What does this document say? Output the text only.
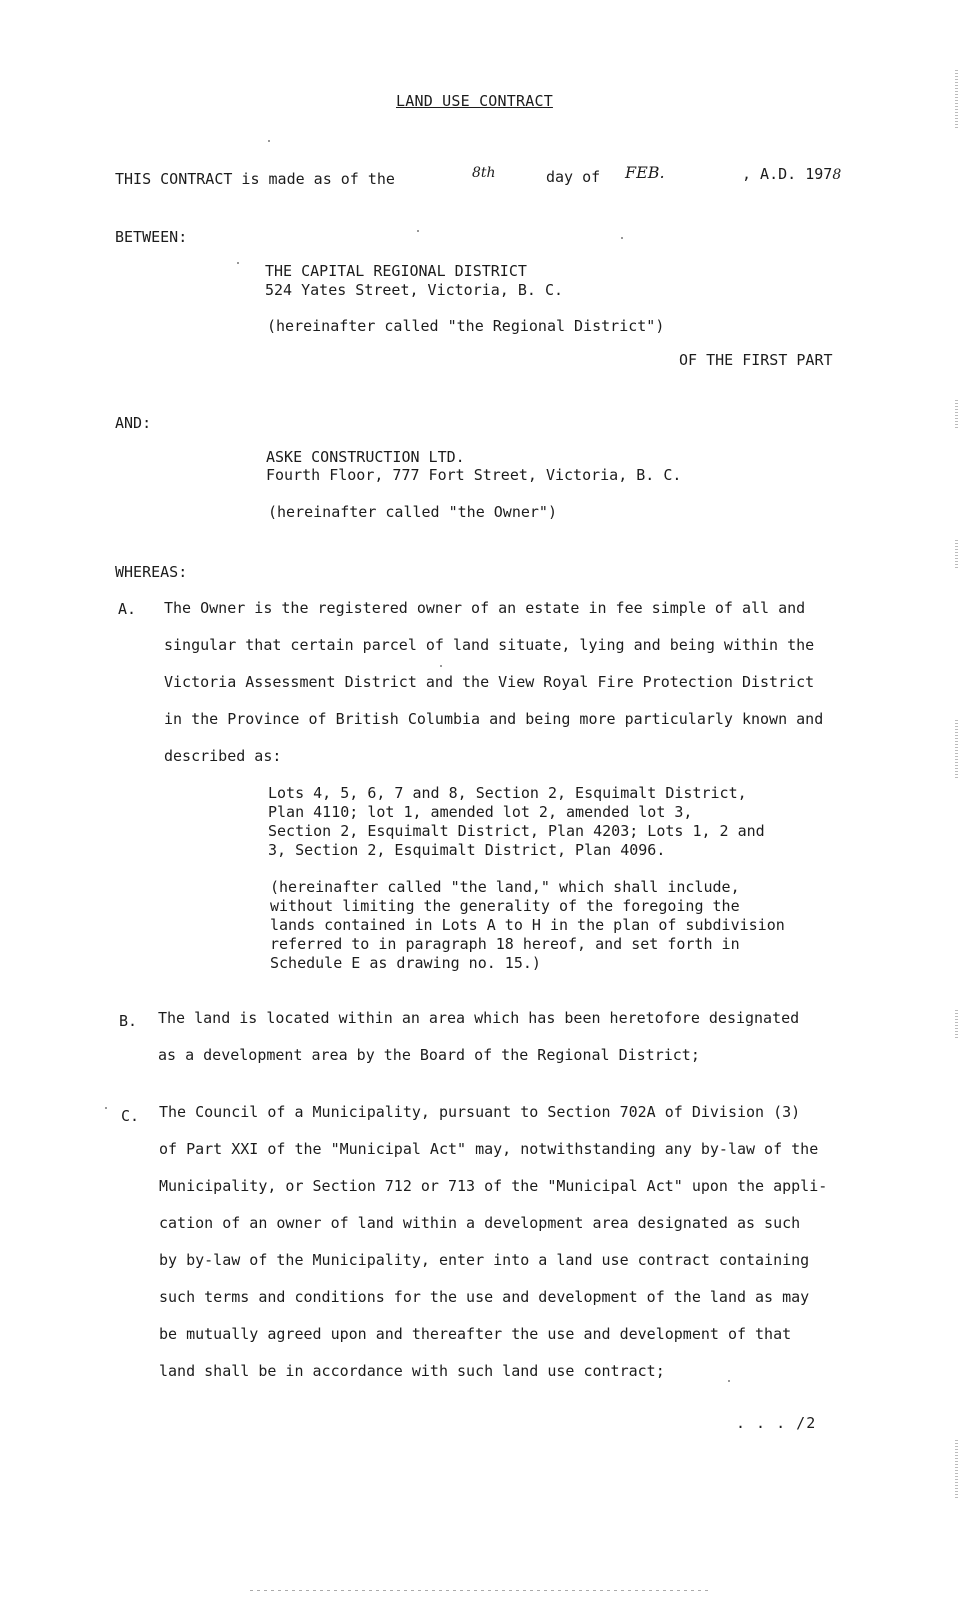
LAND USE CONTRACT
THIS CONTRACT is made as of the	8th	day of FEB.	, A.D. 1978
BETWEEN:
THE CAPITAL REGIONAL DISTRICT
524 Yates Street, Victoria, B. C.
(hereinafter called "the Regional District")
OF THE FIRST PART
AND:
ASKE CONSTRUCTION LTD.
Fourth Floor, 777 Fort Street, Victoria, B. C.
(hereinafter called "the Owner")
WHEREAS:
A. The Owner is the registered owner of an estate in fee simple of all and
singular that certain parcel of land situate, lying and being within the
Victoria Assessment District and the View Royal Fire Protection District
in the Province of British Columbia and being more particularly known and
described as:
Lots 4, 5, 6, 7 and 8, Section 2, Esquimalt District,
Plan 4110; lot 1, amended lot 2, amended lot 3,
Section 2, Esquimalt District, Plan 4203; Lots 1, 2 and
3, Section 2, Esquimalt District, Plan 4096.
(hereinafter called "the land," which shall include,
without limiting the generality of the foregoing the
lands contained in Lots A to H in the plan of subdivision
referred to in paragraph 18 hereof, and set forth in
Schedule E as drawing no. 15.)
B. The land is located within an area which has been heretofore designated
as a development area by the Board of the Regional District;
C. The Council of a Municipality, pursuant to Section 702A of Division (3)
of Part XXI of the "Municipal Act" may, notwithstanding any by-law of the
Municipality, or Section 712 or 713 of the "Municipal Act" upon the appli-
cation of an owner of land within a development area designated as such
by by-law of the Municipality, enter into a land use contract containing
such terms and conditions for the use and development of the land as may
be mutually agreed upon and thereafter the use and development of that
land shall be in accordance with such land use contract;
. . . /2
